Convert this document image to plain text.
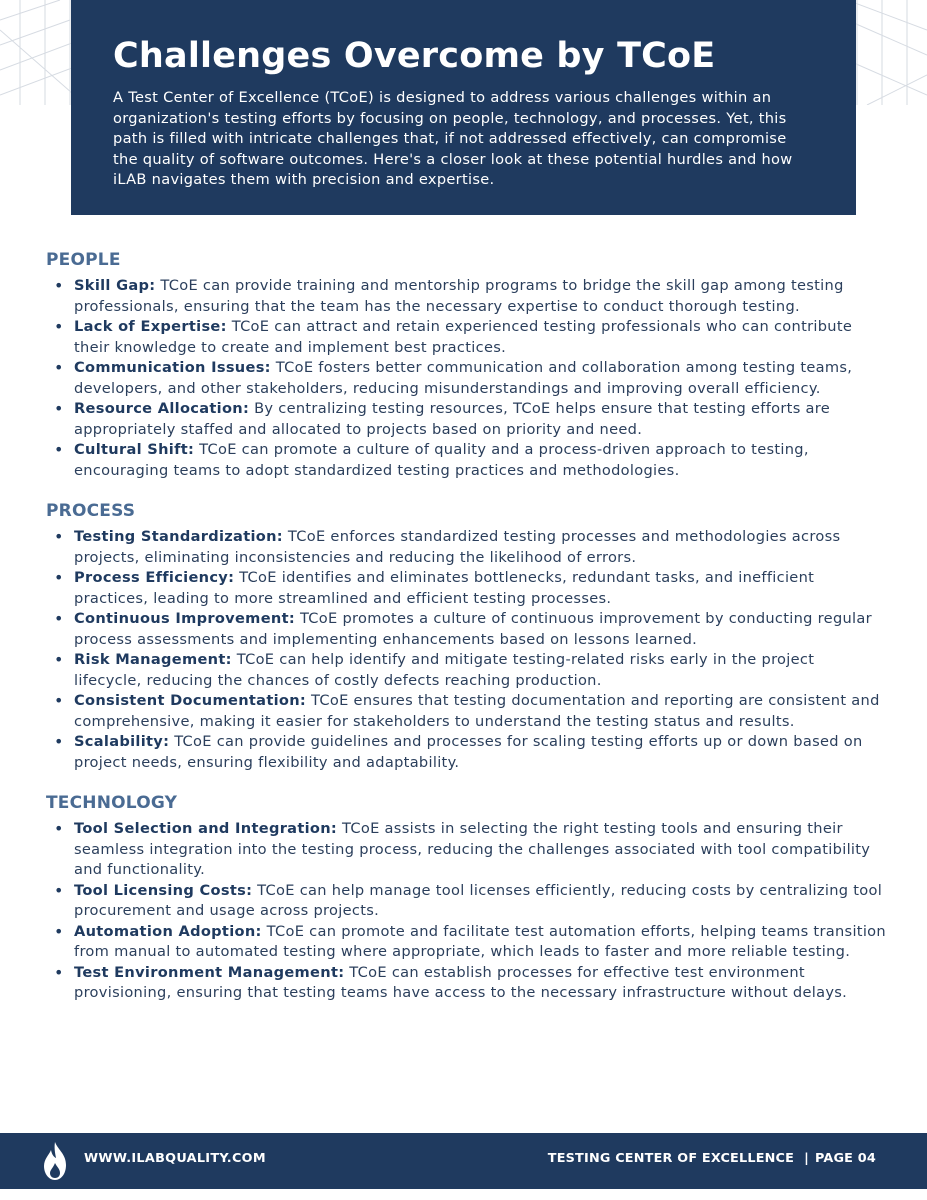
Challenges Overcome by TCoE

A Test Center of Excellence (TCoE) is designed to address various challenges within an organization's testing efforts by focusing on people, technology, and processes. Yet, this path is filled with intricate challenges that, if not addressed effectively, can compromise the quality of software outcomes. Here's a closer look at these potential hurdles and how iLAB navigates them with precision and expertise.

PEOPLE
• Skill Gap: TCoE can provide training and mentorship programs to bridge the skill gap among testing professionals, ensuring that the team has the necessary expertise to conduct thorough testing.
• Lack of Expertise: TCoE can attract and retain experienced testing professionals who can contribute their knowledge to create and implement best practices.
• Communication Issues: TCoE fosters better communication and collaboration among testing teams, developers, and other stakeholders, reducing misunderstandings and improving overall efficiency.
• Resource Allocation: By centralizing testing resources, TCoE helps ensure that testing efforts are appropriately staffed and allocated to projects based on priority and need.
• Cultural Shift: TCoE can promote a culture of quality and a process-driven approach to testing, encouraging teams to adopt standardized testing practices and methodologies.
PROCESS
• Testing Standardization: TCoE enforces standardized testing processes and methodologies across projects, eliminating inconsistencies and reducing the likelihood of errors.
• Process Efficiency: TCoE identifies and eliminates bottlenecks, redundant tasks, and inefficient practices, leading to more streamlined and efficient testing processes.
• Continuous Improvement: TCoE promotes a culture of continuous improvement by conducting regular process assessments and implementing enhancements based on lessons learned.
• Risk Management: TCoE can help identify and mitigate testing-related risks early in the project lifecycle, reducing the chances of costly defects reaching production.
• Consistent Documentation: TCoE ensures that testing documentation and reporting are consistent and comprehensive, making it easier for stakeholders to understand the testing status and results.
• Scalability: TCoE can provide guidelines and processes for scaling testing efforts up or down based on project needs, ensuring flexibility and adaptability.
TECHNOLOGY
• Tool Selection and Integration: TCoE assists in selecting the right testing tools and ensuring their seamless integration into the testing process, reducing the challenges associated with tool compatibility and functionality.
• Tool Licensing Costs: TCoE can help manage tool licenses efficiently, reducing costs by centralizing tool procurement and usage across projects.
• Automation Adoption: TCoE can promote and facilitate test automation efforts, helping teams transition from manual to automated testing where appropriate, which leads to faster and more reliable testing.
• Test Environment Management: TCoE can establish processes for effective test environment provisioning, ensuring that testing teams have access to the necessary infrastructure without delays.
WWW.ILABQUALITY.COM	TESTING CENTER OF EXCELLENCE | PAGE 04
